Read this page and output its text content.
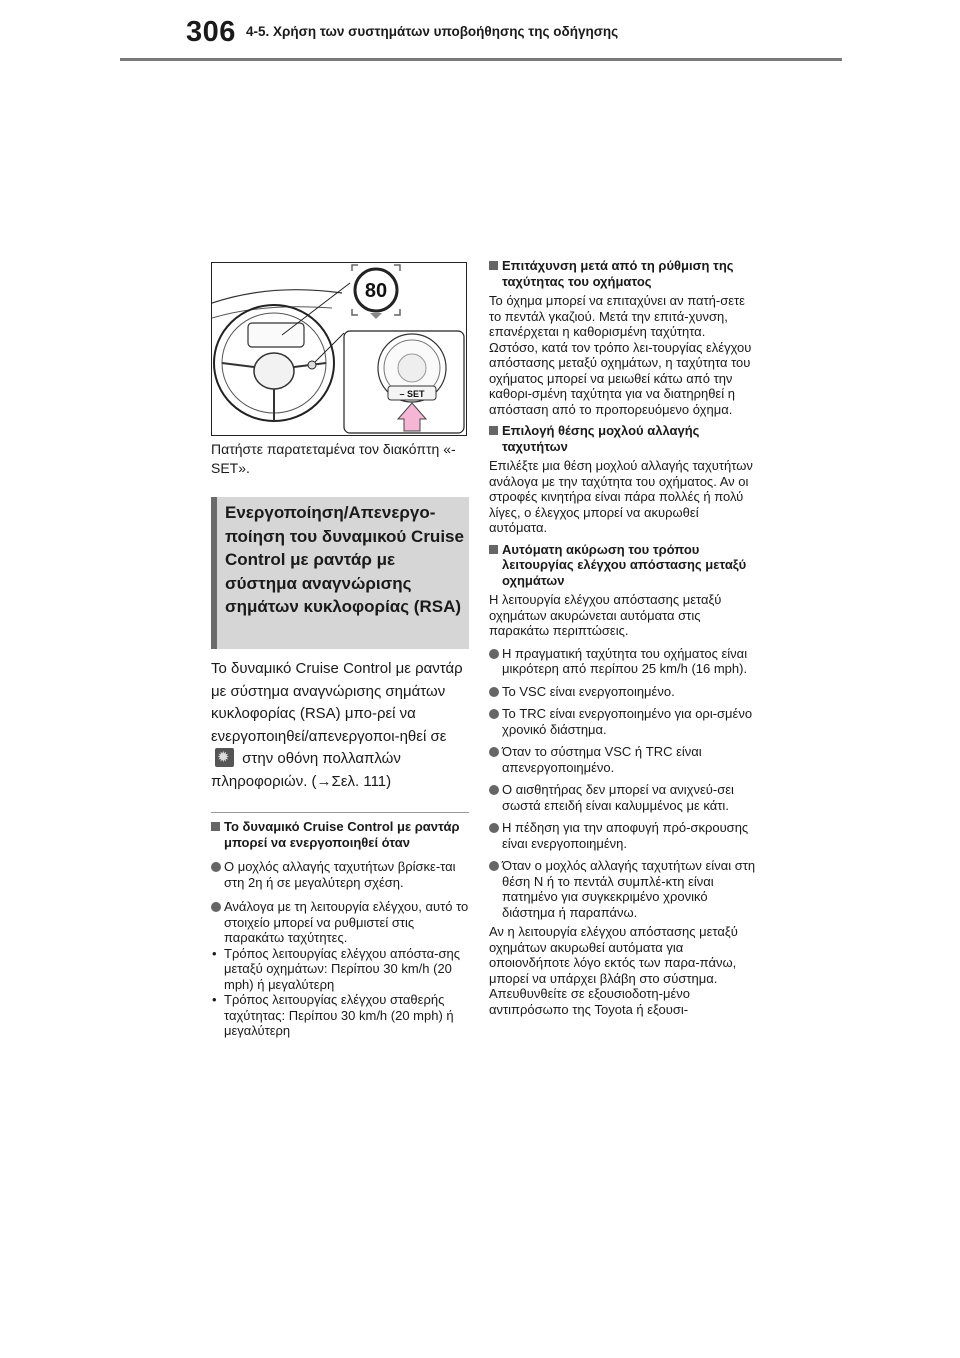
306 4-5. Χρήση των συστημάτων υποβοήθησης της οδήγησης
80
– SET
Πατήστε παρατεταμένα τον διακόπτη «-SET».
Ενεργοποίηση/Απενεργο-ποίηση του δυναμικού Cruise Control με ραντάρ με σύστημα αναγνώρισης σημάτων κυκλοφορίας (RSA)
Το δυναμικό Cruise Control με ραντάρ με σύστημα αναγνώρισης σημάτων κυκλοφορίας (RSA) μπο-ρεί να ενεργοποιηθεί/απενεργοποι-ηθεί σε ✹ στην οθόνη πολλαπλών πληροφοριών. (→Σελ. 111)
Το δυναμικό Cruise Control με ραντάρ μπορεί να ενεργοποιηθεί όταν
Ο μοχλός αλλαγής ταχυτήτων βρίσκε-ται στη 2η ή σε μεγαλύτερη σχέση.
Ανάλογα με τη λειτουργία ελέγχου, αυτό το στοιχείο μπορεί να ρυθμιστεί στις παρακάτω ταχύτητες.
• Τρόπος λειτουργίας ελέγχου απόστα-σης μεταξύ οχημάτων: Περίπου 30 km/h (20 mph) ή μεγαλύτερη
• Τρόπος λειτουργίας ελέγχου σταθερής ταχύτητας: Περίπου 30 km/h (20 mph) ή μεγαλύτερη
Επιτάχυνση μετά από τη ρύθμιση της ταχύτητας του οχήματος
Το όχημα μπορεί να επιταχύνει αν πατή-σετε το πεντάλ γκαζιού. Μετά την επιτά-χυνση, επανέρχεται η καθορισμένη ταχύτητα. Ωστόσο, κατά τον τρόπο λει-τουργίας ελέγχου απόστασης μεταξύ οχημάτων, η ταχύτητα του οχήματος μπορεί να μειωθεί κάτω από την καθορι-σμένη ταχύτητα για να διατηρηθεί η απόσταση από το προπορευόμενο όχημα.
Επιλογή θέσης μοχλού αλλαγής ταχυτήτων
Επιλέξτε μια θέση μοχλού αλλαγής ταχυτήτων ανάλογα με την ταχύτητα του οχήματος. Αν οι στροφές κινητήρα είναι πάρα πολλές ή πολύ λίγες, ο έλεγχος μπορεί να ακυρωθεί αυτόματα.
Αυτόματη ακύρωση του τρόπου λειτουργίας ελέγχου απόστασης μεταξύ οχημάτων
Η λειτουργία ελέγχου απόστασης μεταξύ οχημάτων ακυρώνεται αυτόματα στις παρακάτω περιπτώσεις.
Η πραγματική ταχύτητα του οχήματος είναι μικρότερη από περίπου 25 km/h (16 mph).
Το VSC είναι ενεργοποιημένο.
Το TRC είναι ενεργοποιημένο για ορι-σμένο χρονικό διάστημα.
Όταν το σύστημα VSC ή TRC είναι απενεργοποιημένο.
Ο αισθητήρας δεν μπορεί να ανιχνεύ-σει σωστά επειδή είναι καλυμμένος με κάτι.
Η πέδηση για την αποφυγή πρό-σκρουσης είναι ενεργοποιημένη.
Όταν ο μοχλός αλλαγής ταχυτήτων είναι στη θέση N ή το πεντάλ συμπλέ-κτη είναι πατημένο για συγκεκριμένο χρονικό διάστημα ή παραπάνω.
Αν η λειτουργία ελέγχου απόστασης μεταξύ οχημάτων ακυρωθεί αυτόματα για οποιονδήποτε λόγο εκτός των παρα-πάνω, μπορεί να υπάρχει βλάβη στο σύστημα. Απευθυνθείτε σε εξουσιοδοτη-μένο αντιπρόσωπο της Toyota ή εξουσι-
